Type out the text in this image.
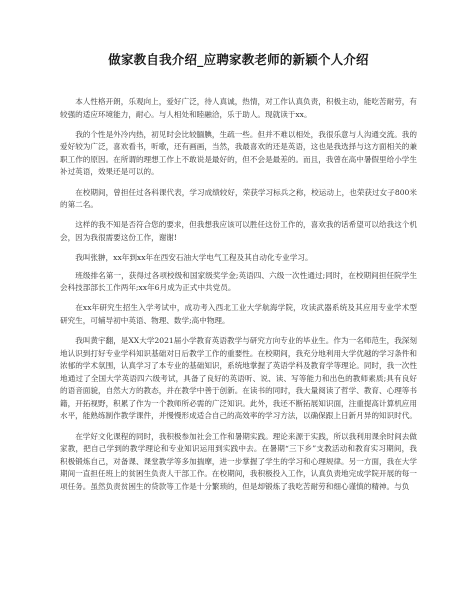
做家教自我介绍_应聘家教老师的新颖个人介绍

本人性格开朗，乐观向上，爱好广泛，待人真诚，热情，对工作认真负责，积极主动，能吃苦耐劳，有较强的适应环境能力，耐心。与人相处和睦融洽，乐于助人。现就读于xx。

我的个性是外冷内热，初见时会比较腼腆，生疏一些。但并不难以相处，我很乐意与人沟通交流。我的爱好较为广泛，喜欢看书，听歌，还有画画，当然，我最喜欢的还是英语，这也是我选择与这方面相关的兼职工作的原因。在所谓的理想工作上不敢说是最好的，但不会是最差的。而且，我曾在高中暑假里给小学生补过英语，效果还是可以的。

在校期间，曾担任过各科课代表，学习成绩较好，荣获学习标兵之称，校运动上，也荣获过女子800米的第二名。

这样的我不知是否符合您的要求，但我想我应该可以胜任这份工作的，喜欢我的话希望可以给我这个机会，因为我很需要这份工作，谢谢!

我叫张翀，xx年到xx年在西安石油大学电气工程及其自动化专业学习。

班级排名第一，获得过各项校级和国家级奖学金;英语四、六级一次性通过;同时，在校期间担任院学生会科技部部长工作两年;xx年6月成为正式中共党员。

在xx年研究生招生入学考试中，成功考入西北工业大学航海学院，攻读武器系统及其应用专业学术型研究生，可辅导初中英语、物理、数学;高中物理。

我叫黄宇翻，是XX大学2021届小学教育英语教学与研究方向专业的毕业生。作为一名师范生，我深刻地认识到打好专业学科知识基础对日后教学工作的重要性。在校期间，我充分地利用大学优越的学习条件和浓郁的学术氛围，认真学习了本专业的基础知识，系统地掌握了英语学科及教育学等理论。同时，我一次性地通过了全国大学英语四六级考试，具备了良好的英语听、说、读、写等能力和出色的教师素质;具有良好的语音面貌，自然大方的教态，并在教学中善于创新。在读书的同时，我大量阅读了哲学、教育、心理等书籍，开拓视野，积累了作为一个教师所必需的广泛知识。此外，我还不断拓展知识面，注重提高计算机应用水平，能熟练制作教学课件，并慢慢形成适合自己的高效率的学习方法，以确保跟上日新月异的知识时代。

在学好文化课程的同时，我积极参加社会工作和暑期实践。理论来源于实践，所以我利用课余时间去做家教，把自己学到的教学理论和专业知识运用到实践中去。在暑期“三下乡”支教活动和教育实习期间，我积极锻炼自己，对备课、课堂教学等多加揣摩，进一步掌握了学生的学习和心理规律。另一方面，我在大学期间一直担任班上的贫困生负责人干部工作。在校期间，我积极投入工作，认真负责地完成学院开展的每一项任务。虽然负责贫困生的贷款等工作是十分繁琐的，但是却锻炼了我吃苦耐劳和细心谨慎的精神。与负
